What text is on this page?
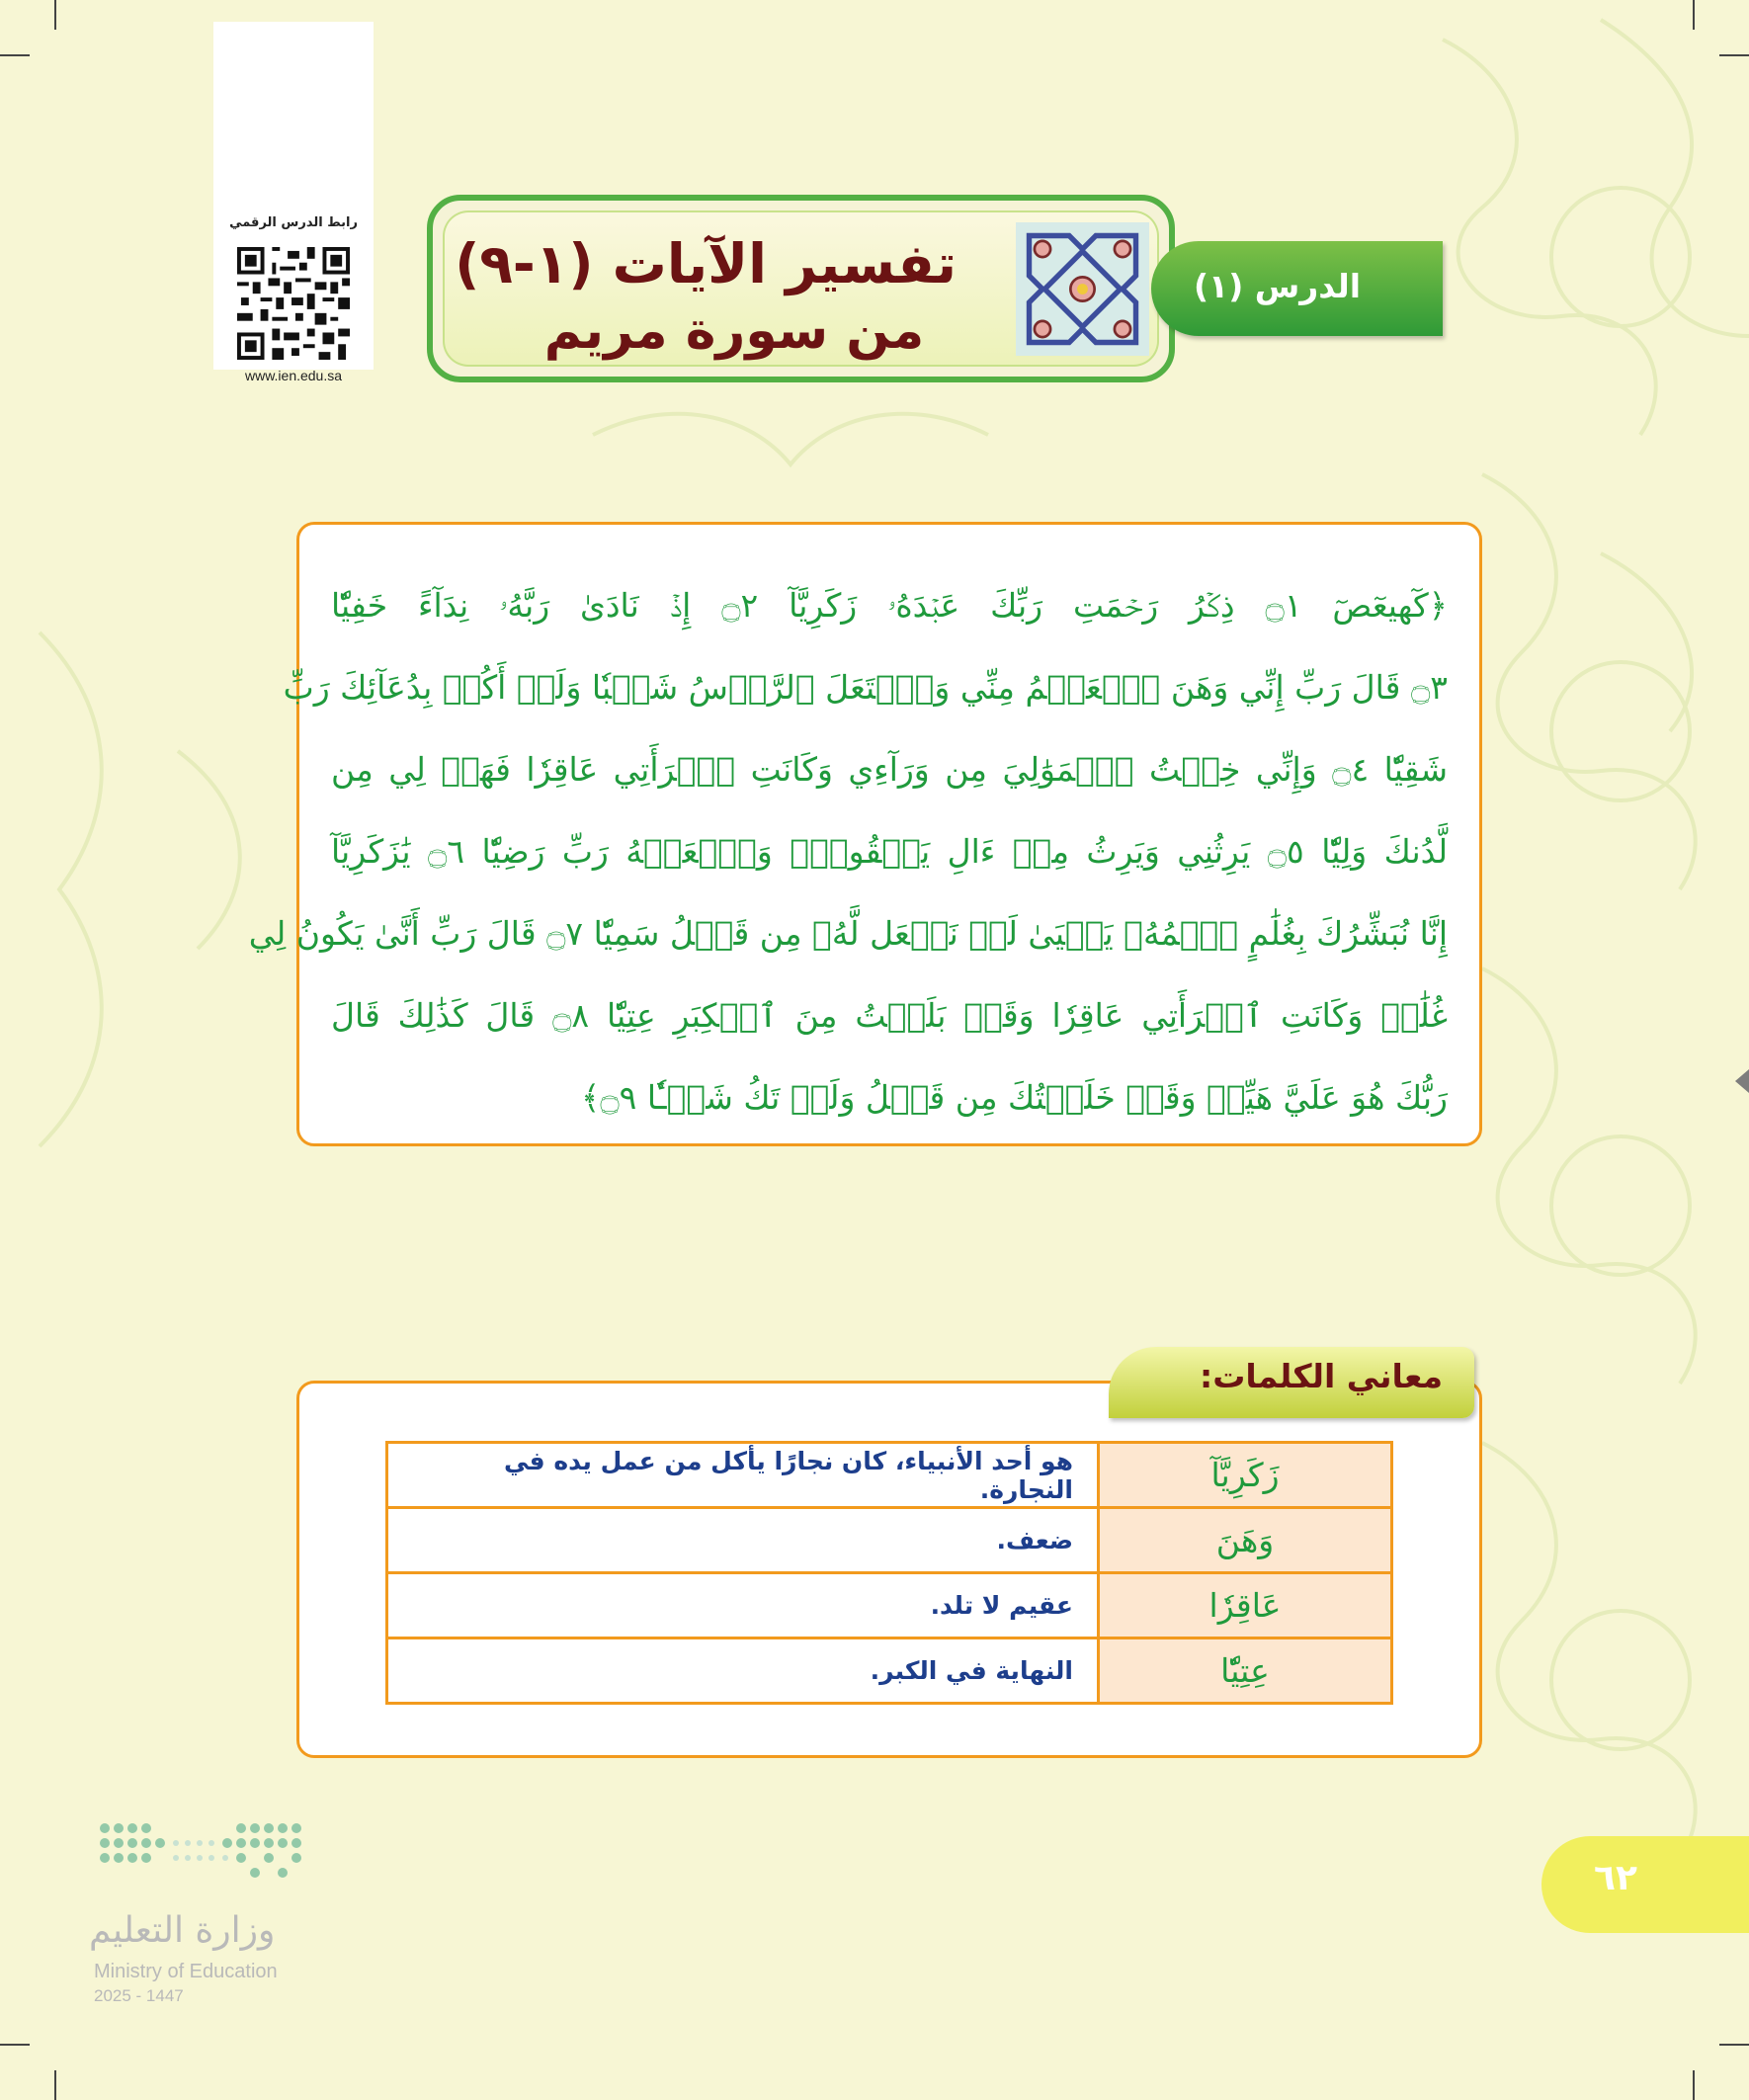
رابط الدرس الرقمي
www.ien.edu.sa
تفسير الآيات (١-٩)
من سورة مريم
الدرس (١)
﴿كٓهيعٓصٓ ۝١ ذِكۡرُ رَحۡمَتِ رَبِّكَ عَبۡدَهُۥ زَكَرِيَّآ ۝٢ إِذۡ نَادَىٰ رَبَّهُۥ نِدَآءً خَفِيّٗا
۝٣ قَالَ رَبِّ إِنِّي وَهَنَ ٱلۡعَظۡمُ مِنِّي وَٱشۡتَعَلَ ٱلرَّأۡسُ شَيۡبٗا وَلَمۡ أَكُنۢ بِدُعَآئِكَ رَبِّ
شَقِيّٗا ۝٤ وَإِنِّي خِفۡتُ ٱلۡمَوَٰلِيَ مِن وَرَآءِي وَكَانَتِ ٱمۡرَأَتِي عَاقِرٗا فَهَبۡ لِي مِن
لَّدُنكَ وَلِيّٗا ۝٥ يَرِثُنِي وَيَرِثُ مِنۡ ءَالِ يَعۡقُوبَۖ وَٱجۡعَلۡهُ رَبِّ رَضِيّٗا ۝٦ يَٰزَكَرِيَّآ
إِنَّا نُبَشِّرُكَ بِغُلَٰمٍ ٱسۡمُهُۥ يَحۡيَىٰ لَمۡ نَجۡعَل لَّهُۥ مِن قَبۡلُ سَمِيّٗا ۝٧ قَالَ رَبِّ أَنَّىٰ يَكُونُ لِي
غُلَٰمٞ وَكَانَتِ ٱمۡرَأَتِي عَاقِرٗا وَقَدۡ بَلَغۡتُ مِنَ ٱلۡكِبَرِ عِتِيّٗا ۝٨ قَالَ كَذَٰلِكَ قَالَ
رَبُّكَ هُوَ عَلَيَّ هَيِّنٞ وَقَدۡ خَلَقۡتُكَ مِن قَبۡلُ وَلَمۡ تَكُ شَيۡـٔٗا ۝٩﴾
معاني الكلمات:
زَكَرِيَّآ	هو أحد الأنبياء، كان نجارًا يأكل من عمل يده في النجارة.
وَهَنَ	ضعف.
عَاقِرٗا	عقيم لا تلد.
عِتِيّٗا	النهاية في الكبر.
٦٢
وزارة التعليم
Ministry of Education
2025 - 1447
